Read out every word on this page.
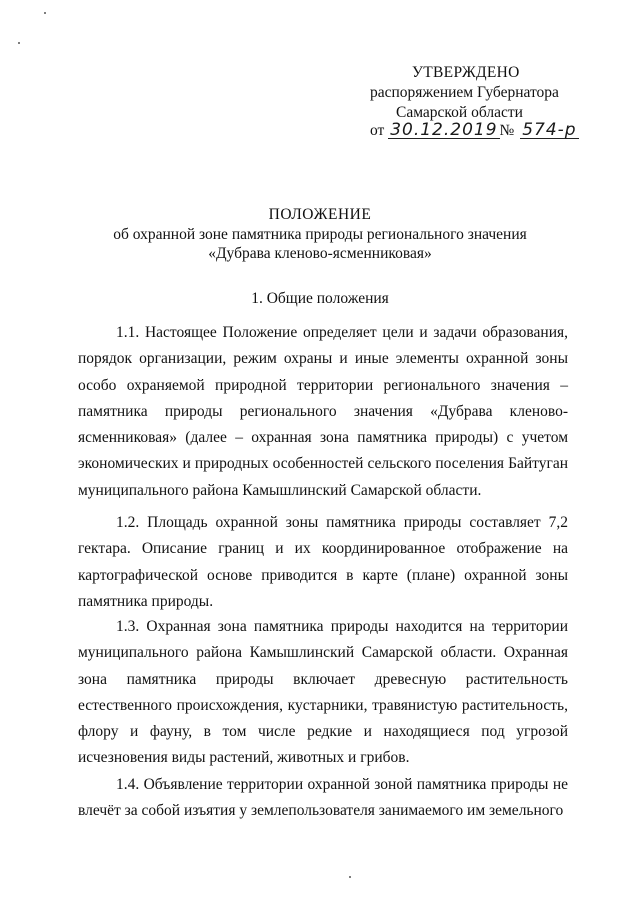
УТВЕРЖДЕНО
распоряжением Губернатора
Самарской области
от 30.12.2019 № 574-р
ПОЛОЖЕНИЕ
об охранной зоне памятника природы регионального значения
«Дубрава кленово-ясменниковая»
1. Общие положения

1.1. Настоящее Положение определяет цели и задачи образования, порядок организации, режим охраны и иные элементы охранной зоны особо охраняемой природной территории регионального значения – памятника природы регионального значения «Дубрава кленово-ясменниковая» (далее – охранная зона памятника природы) с учетом экономических и природных особенностей сельского поселения Байтуган муниципального района Камышлинский Самарской области.

1.2. Площадь охранной зоны памятника природы составляет 7,2 гектара. Описание границ и их координированное отображение на картографической основе приводится в карте (плане) охранной зоны памятника природы.

1.3. Охранная зона памятника природы находится на территории муниципального района Камышлинский Самарской области. Охранная зона памятника природы включает древесную растительность естественного происхождения, кустарники, травянистую растительность, флору и фауну, в том числе редкие и находящиеся под угрозой исчезновения виды растений, животных и грибов.

1.4. Объявление территории охранной зоной памятника природы не влечёт за собой изъятия у землепользователя занимаемого им земельного
